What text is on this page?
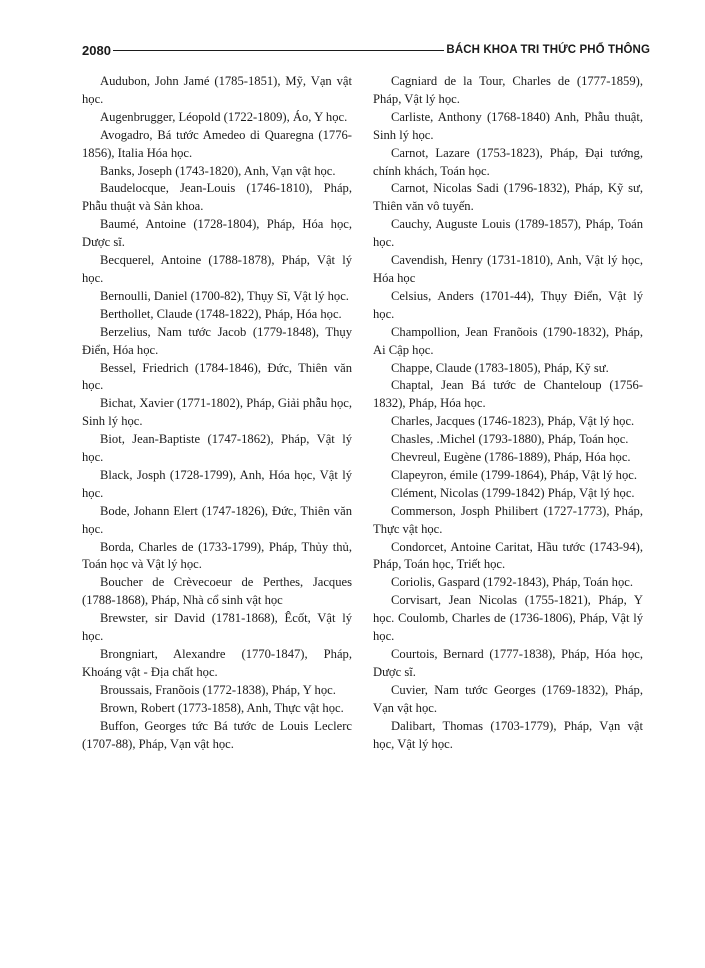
2080	BÁCH KHOA TRI THỨC PHỔ THÔNG

Audubon, John Jamé (1785-1851), Mỹ, Vạn vật học.

Augenbrugger, Léopold (1722-1809), Áo, Y học.

Avogadro, Bá tước Amedeo di Quaregna (1776-1856), Italia Hóa học.

Banks, Joseph (1743-1820), Anh, Vạn vật học.

Baudelocque, Jean-Louis (1746-1810), Pháp, Phẫu thuật và Sản khoa.

Baumé, Antoine (1728-1804), Pháp, Hóa học, Dược sĩ.

Becquerel, Antoine (1788-1878), Pháp, Vật lý học.

Bernoulli, Daniel (1700-82), Thụy Sĩ, Vật lý học.

Berthollet, Claude (1748-1822), Pháp, Hóa học.

Berzelius, Nam tước Jacob (1779-1848), Thụy Điển, Hóa học.

Bessel, Friedrich (1784-1846), Đức, Thiên văn học.

Bichat, Xavier (1771-1802), Pháp, Giải phẫu học, Sinh lý học.

Biot, Jean-Baptiste (1747-1862), Pháp, Vật lý học.

Black, Josph (1728-1799), Anh, Hóa học, Vật lý học.

Bode, Johann Elert (1747-1826), Đức, Thiên văn học.

Borda, Charles de (1733-1799), Pháp, Thủy thủ, Toán học và Vật lý học.

Boucher de Crèvecoeur de Perthes, Jacques (1788-1868), Pháp, Nhà cổ sinh vật học

Brewster, sir David (1781-1868), Êcốt, Vật lý học.

Brongniart, Alexandre (1770-1847), Pháp, Khoáng vật - Địa chất học.

Broussais, Franõois (1772-1838), Pháp, Y học.

Brown, Robert (1773-1858), Anh, Thực vật học.

Buffon, Georges tức Bá tước de Louis Leclerc (1707-88), Pháp, Vạn vật học.

Cagniard de la Tour, Charles de (1777-1859), Pháp, Vật lý học.

Carliste, Anthony (1768-1840) Anh, Phẫu thuật, Sinh lý học.

Carnot, Lazare (1753-1823), Pháp, Đại tướng, chính khách, Toán học.

Carnot, Nicolas Sadi (1796-1832), Pháp, Kỹ sư, Thiên văn vô tuyến.

Cauchy, Auguste Louis (1789-1857), Pháp, Toán học.

Cavendish, Henry (1731-1810), Anh, Vật lý học, Hóa học

Celsius, Anders (1701-44), Thụy Điển, Vật lý học.

Champollion, Jean Franõois (1790-1832), Pháp, Ai Cập học.

Chappe, Claude (1783-1805), Pháp, Kỹ sư.

Chaptal, Jean Bá tước de Chanteloup (1756-1832), Pháp, Hóa học.

Charles, Jacques (1746-1823), Pháp, Vật lý học.

Chasles, .Michel (1793-1880), Pháp, Toán học.

Chevreul, Eugène (1786-1889), Pháp, Hóa học.

Clapeyron, émile (1799-1864), Pháp, Vật lý học.

Clément, Nicolas (1799-1842) Pháp, Vật lý học.

Commerson, Josph Philibert (1727-1773), Pháp, Thực vật học.

Condorcet, Antoine Caritat, Hầu tước (1743-94), Pháp, Toán học, Triết học.

Coriolis, Gaspard (1792-1843), Pháp, Toán học.

Corvisart, Jean Nicolas (1755-1821), Pháp, Y học. Coulomb, Charles de (1736-1806), Pháp, Vật lý học.

Courtois, Bernard (1777-1838), Pháp, Hóa học, Dược sĩ.

Cuvier, Nam tước Georges (1769-1832), Pháp, Vạn vật học.

Dalibart, Thomas (1703-1779), Pháp, Vạn vật học, Vật lý học.
